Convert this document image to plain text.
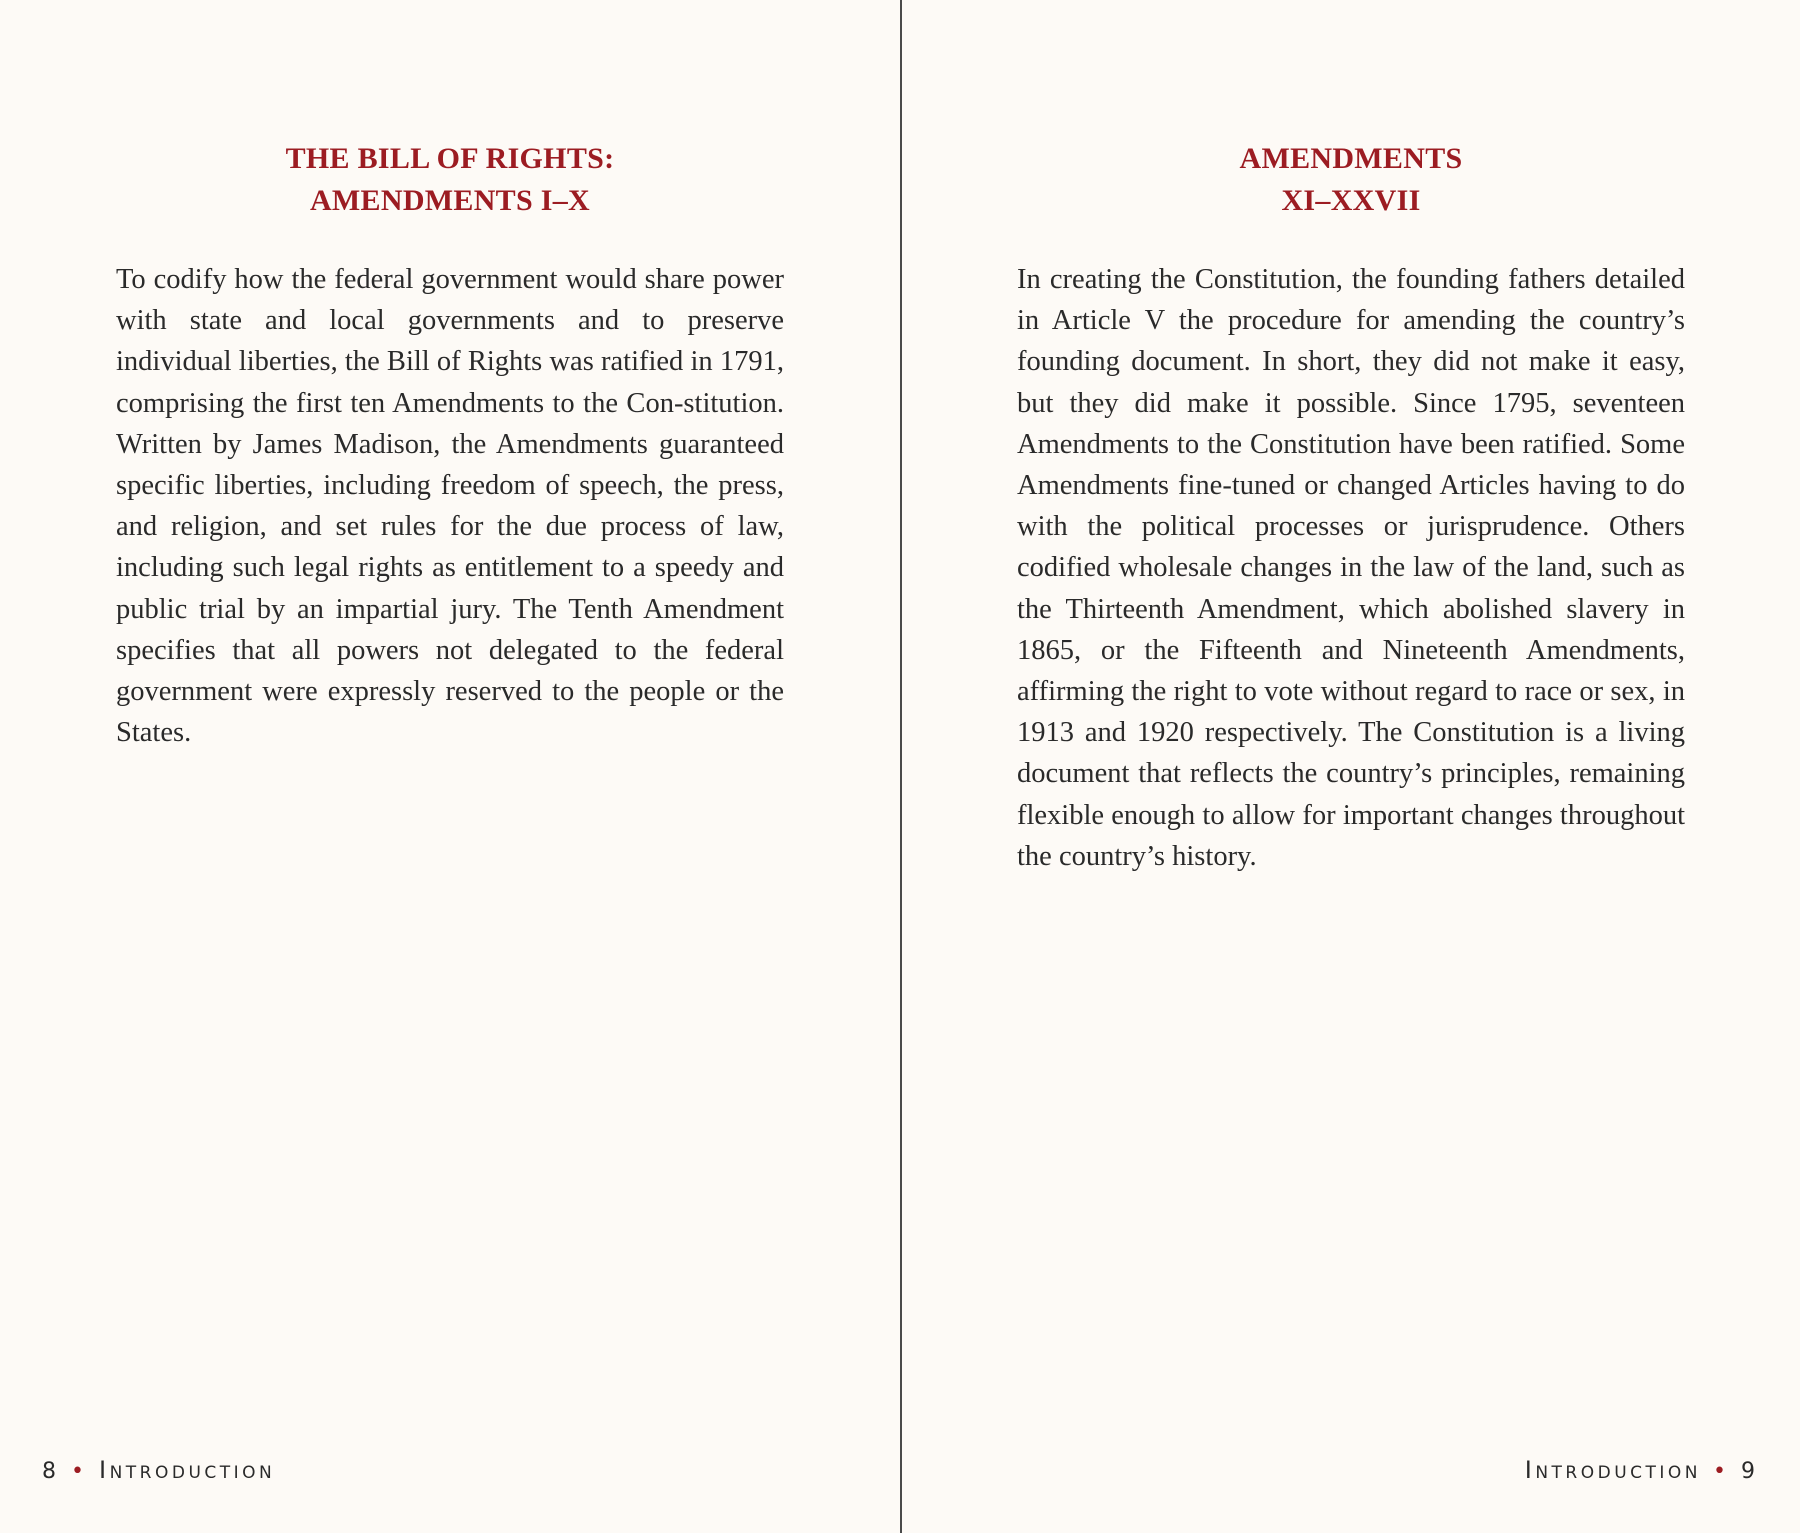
THE BILL OF RIGHTS:
AMENDMENTS I–X

To codify how the federal government would share power with state and local governments and to preserve individual liberties, the Bill of Rights was ratified in 1791, comprising the first ten Amendments to the Con-stitution. Written by James Madison, the Amendments guaranteed specific liberties, including freedom of speech, the press, and religion, and set rules for the due process of law, including such legal rights as entitlement to a speedy and public trial by an impartial jury. The Tenth Amendment specifies that all powers not delegated to the federal government were expressly reserved to the people or the States.

8 • Introduction
AMENDMENTS
XI–XXVII

In creating the Constitution, the founding fathers detailed in Article V the procedure for amending the country’s founding document. In short, they did not make it easy, but they did make it possible. Since 1795, seventeen Amendments to the Constitution have been ratified. Some Amendments fine-tuned or changed Articles having to do with the political processes or jurisprudence. Others codified wholesale changes in the law of the land, such as the Thirteenth Amendment, which abolished slavery in 1865, or the Fifteenth and Nineteenth Amendments, affirming the right to vote without regard to race or sex, in 1913 and 1920 respectively. The Constitution is a living document that reflects the country’s principles, remaining flexible enough to allow for important changes throughout the country’s history.

Introduction • 9
